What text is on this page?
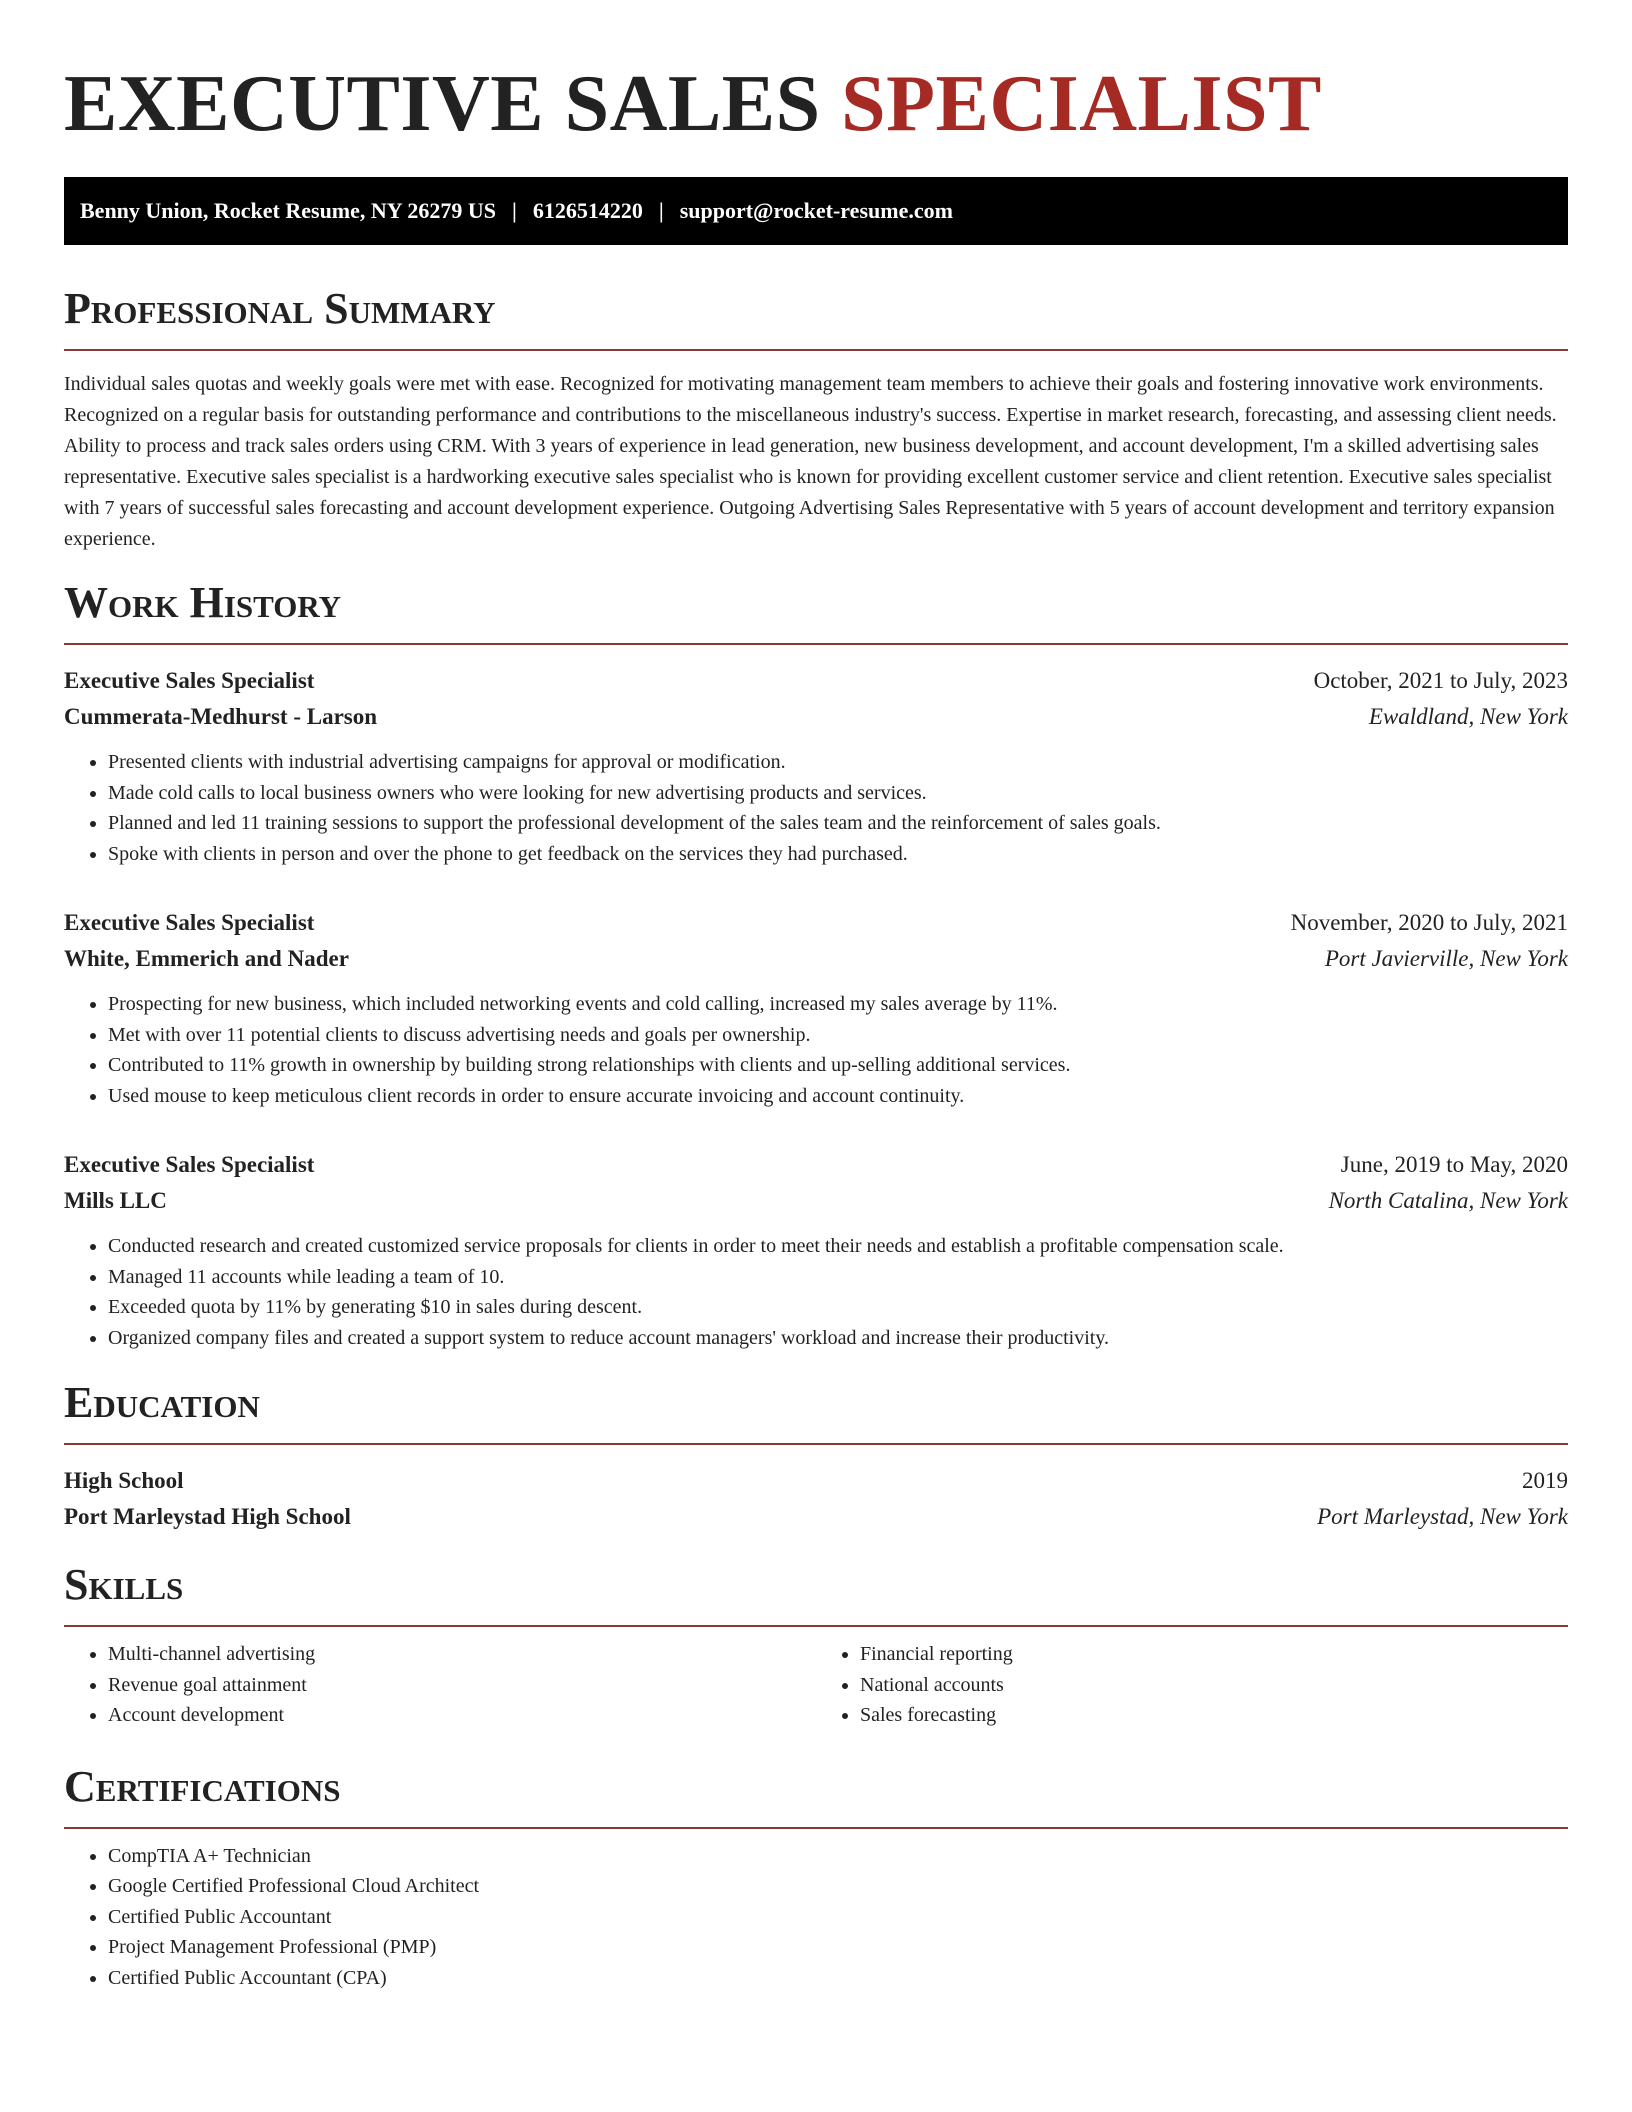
EXECUTIVE SALES SPECIALIST
Benny Union, Rocket Resume, NY 26279 US | 6126514220 | support@rocket-resume.com
Professional Summary

Individual sales quotas and weekly goals were met with ease. Recognized for motivating management team members to achieve their goals and fostering innovative work environments. Recognized on a regular basis for outstanding performance and contributions to the miscellaneous industry's success. Expertise in market research, forecasting, and assessing client needs. Ability to process and track sales orders using CRM. With 3 years of experience in lead generation, new business development, and account development, I'm a skilled advertising sales representative. Executive sales specialist is a hardworking executive sales specialist who is known for providing excellent customer service and client retention. Executive sales specialist with 7 years of successful sales forecasting and account development experience. Outgoing Advertising Sales Representative with 5 years of account development and territory expansion experience.

Work History
Executive Sales Specialist	October, 2021 to July, 2023
Cummerata-Medhurst - Larson	Ewaldland, New York
• Presented clients with industrial advertising campaigns for approval or modification.
• Made cold calls to local business owners who were looking for new advertising products and services.
• Planned and led 11 training sessions to support the professional development of the sales team and the reinforcement of sales goals.
• Spoke with clients in person and over the phone to get feedback on the services they had purchased.
Executive Sales Specialist	November, 2020 to July, 2021
White, Emmerich and Nader	Port Javierville, New York
• Prospecting for new business, which included networking events and cold calling, increased my sales average by 11%.
• Met with over 11 potential clients to discuss advertising needs and goals per ownership.
• Contributed to 11% growth in ownership by building strong relationships with clients and up-selling additional services.
• Used mouse to keep meticulous client records in order to ensure accurate invoicing and account continuity.
Executive Sales Specialist	June, 2019 to May, 2020
Mills LLC	North Catalina, New York
• Conducted research and created customized service proposals for clients in order to meet their needs and establish a profitable compensation scale.
• Managed 11 accounts while leading a team of 10.
• Exceeded quota by 11% by generating $10 in sales during descent.
• Organized company files and created a support system to reduce account managers' workload and increase their productivity.
Education
High School	2019
Port Marleystad High School	Port Marleystad, New York
Skills
• Multi-channel advertising
• Revenue goal attainment
• Account development
• Financial reporting
• National accounts
• Sales forecasting
Certifications
• CompTIA A+ Technician
• Google Certified Professional Cloud Architect
• Certified Public Accountant
• Project Management Professional (PMP)
• Certified Public Accountant (CPA)
